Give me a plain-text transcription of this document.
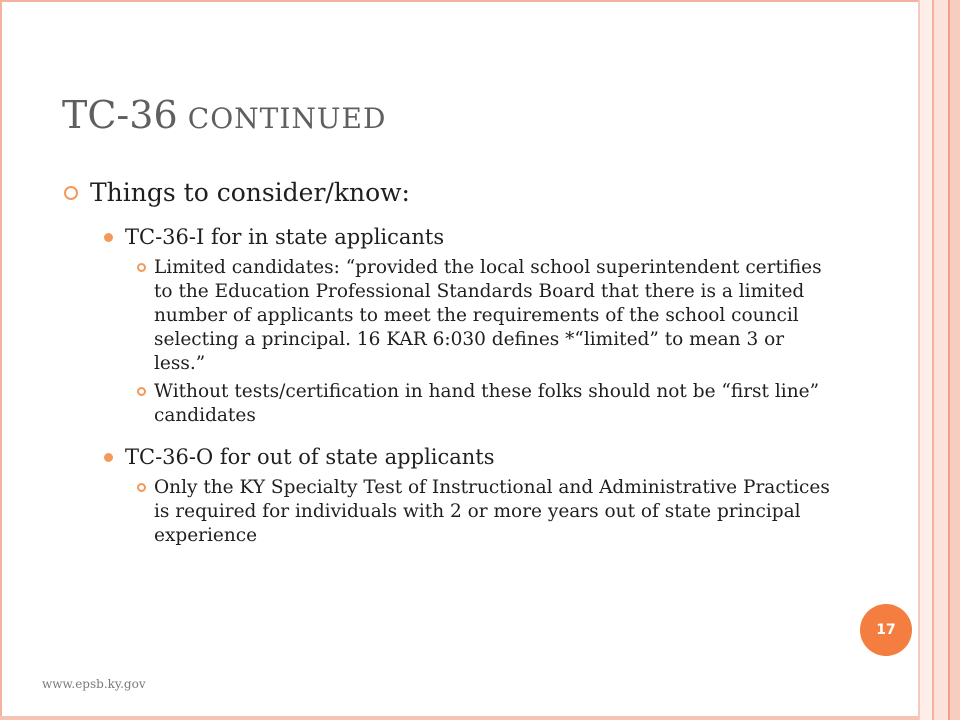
TC-36 CONTINUED
Things to consider/know:
TC-36-I for in state applicants
Limited candidates: “provided the local school superintendent certifies to the Education Professional Standards Board that there is a limited number of applicants to meet the requirements of the school council selecting a principal. 16 KAR 6:030 defines *“limited” to mean 3 or less.”
Without tests/certification in hand these folks should not be “first line” candidates
TC-36-O for out of state applicants
Only the KY Specialty Test of Instructional and Administrative Practices is required for individuals with 2 or more years out of state principal experience
17
www.epsb.ky.gov
